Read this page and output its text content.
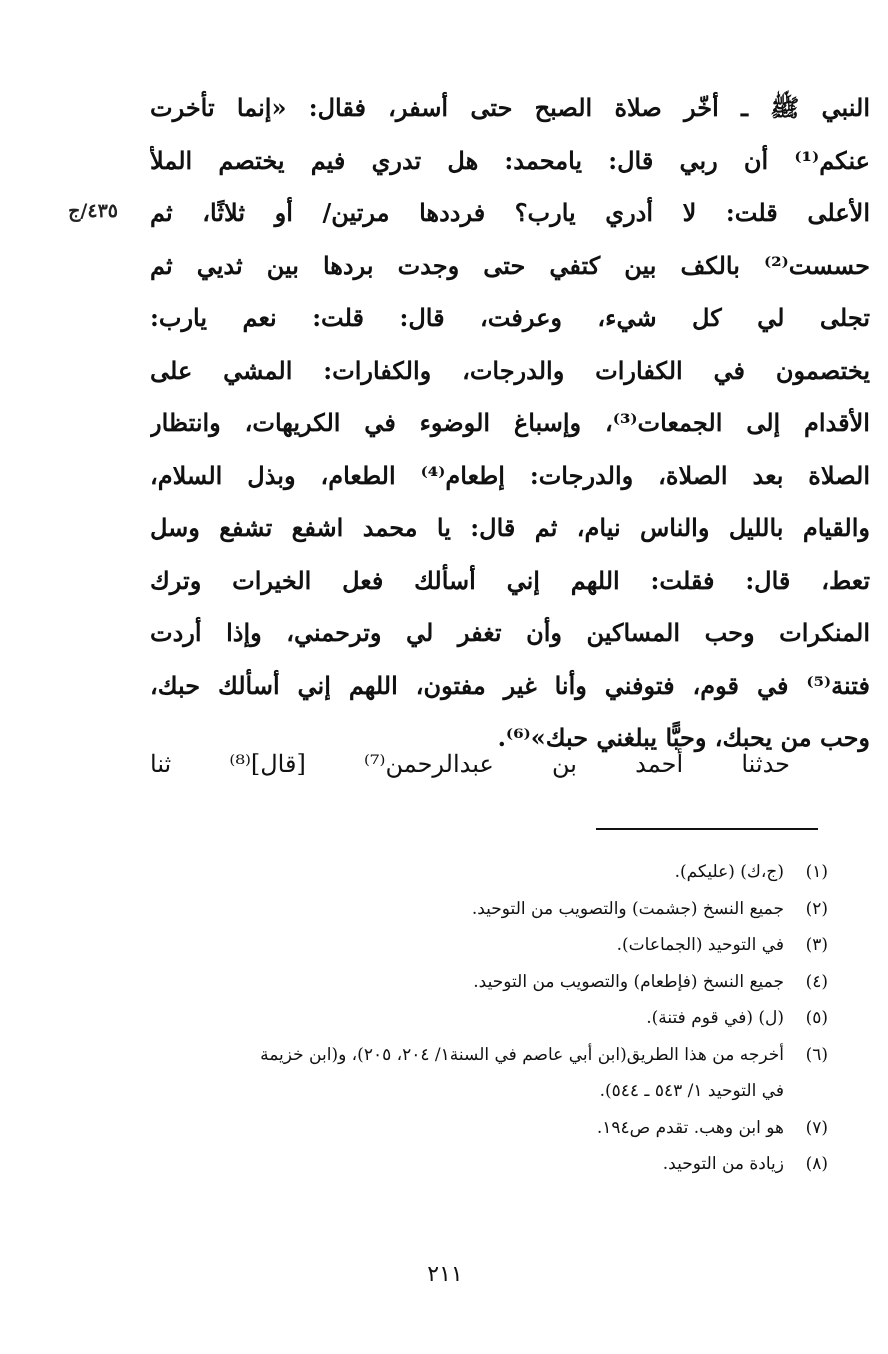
٤٣٥/ج
النبي ﷺ ـ أخّر صلاة الصبح حتى أسفر، فقال: «إنما تأخرت
عنكم⁽¹⁾ أن ربي قال: يامحمد: هل تدري فيم يختصم الملأ
الأعلى قلت: لا أدري يارب؟ فرددها مرتين/ أو ثلاثًا، ثم
حسست⁽²⁾ بالكف بين كتفي حتى وجدت بردها بين ثديي ثم
تجلى لي كل شيء، وعرفت، قال: قلت: نعم يارب:
يختصمون في الكفارات والدرجات، والكفارات: المشي على
الأقدام إلى الجمعات⁽³⁾، وإسباغ الوضوء في الكريهات، وانتظار
الصلاة بعد الصلاة، والدرجات: إطعام⁽⁴⁾ الطعام، وبذل السلام،
والقيام بالليل والناس نيام، ثم قال: يا محمد اشفع تشفع وسل
تعط، قال: فقلت: اللهم إني أسألك فعل الخيرات وترك
المنكرات وحب المساكين وأن تغفر لي وترحمني، وإذا أردت
فتنة⁽⁵⁾ في قوم، فتوفني وأنا غير مفتون، اللهم إني أسألك حبك،
وحب من يحبك، وحبًّا يبلغني حبك»⁽⁶⁾.
حدثنا أحمد بن عبدالرحمن⁽⁷⁾ [قال]⁽⁸⁾ ثنا
(١)
(ج،ك) (عليكم).
(٢)
جميع النسخ (جشمت) والتصويب من التوحيد.
(٣)
في التوحيد (الجماعات).
(٤)
جميع النسخ (فإطعام) والتصويب من التوحيد.
(٥)
(ل) (في قوم فتنة).
(٦)
أخرجه من هذا الطريق(ابن أبي عاصم في السنة١/ ٢٠٤، ٢٠٥)، و(ابن خزيمة
في التوحيد ١/ ٥٤٣ ـ ٥٤٤).
(٧)
هو ابن وهب. تقدم ص١٩٤.
(٨)
زيادة من التوحيد.
٢١١
